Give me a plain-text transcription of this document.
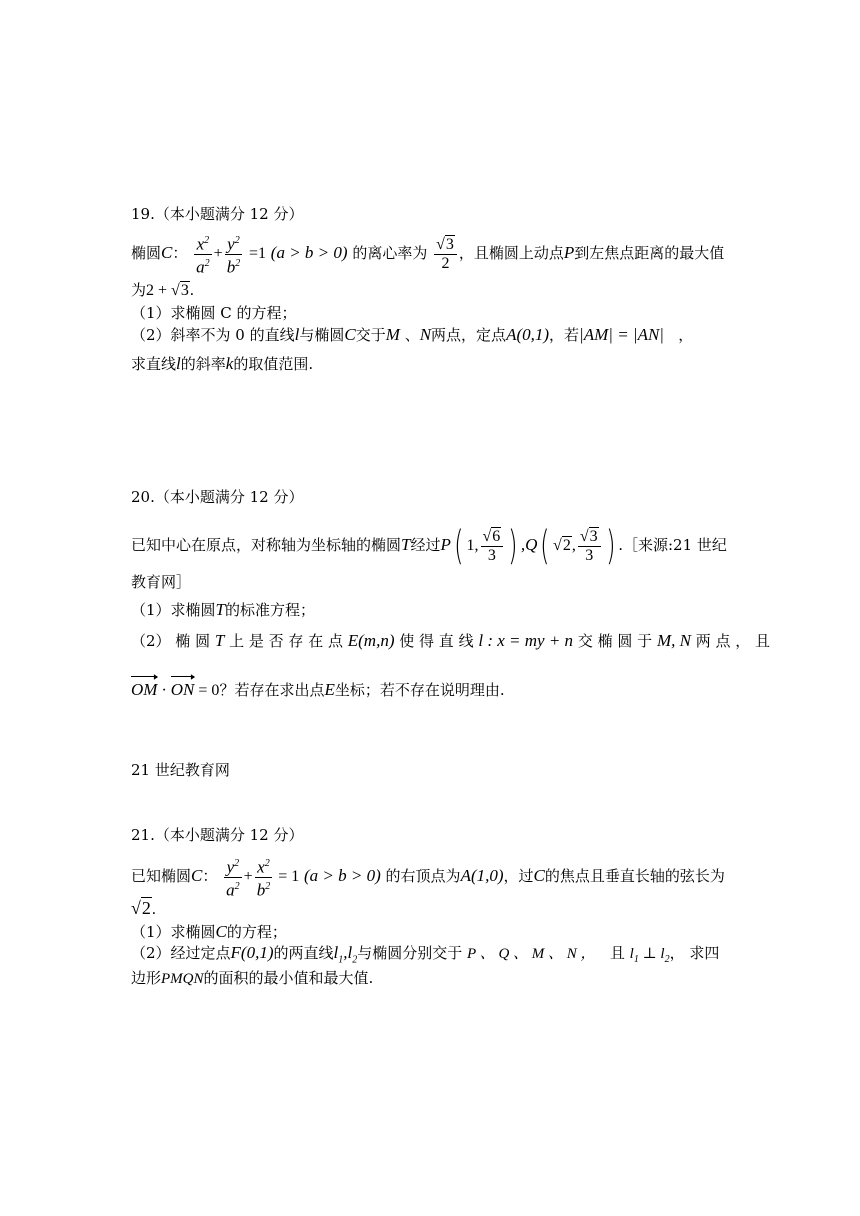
19.（本小题满分 12 分）
椭圆C： $\frac{x^2}{a^2} + \frac{y^2}{b^2} =1$ (a > b > 0) 的离心率为 $\frac{√3}{2}$ ，且椭圆上动点P到左焦点距离的最大值
为2 + √3.
（1）求椭圆 C 的方程；
（2）斜率不为 0 的直线l与椭圆C交于M 、N两点，定点A(0,1)，若|AM| = |AN| ，
求直线l的斜率k的取值范围.
20.（本小题满分 12 分）
已知中心在原点，对称轴为坐标轴的椭圆T经过P( 1, $\frac{√6}{3}$ ) ,Q( √2, $\frac{√3}{3}$ ) .［来源:21 世纪
教育网］
（1）求椭圆T的标准方程；
（2） 椭 圆 T 上 是 否 存 在 点 E(m,n) 使 得 直 线 l : x = my + n 交 椭 圆 于 M, N 两 点 ， 且
OM · ON = 0？若存在求出点E坐标；若不存在说明理由.
21 世纪教育网
21.（本小题满分 12 分）
已知椭圆C： $\frac{y^2}{a^2} + \frac{x^2}{b^2} = 1$ (a > b > 0) 的右顶点为A(1,0)，过C的焦点且垂直长轴的弦长为
√2.
（1）求椭圆C的方程；
（2）经过定点F(0,1)的两直线$l_1,l_2$与椭圆分别交于 P 、 Q 、 M 、 N ， 且 $l_1$ ⊥ $l_2$， 求四
边形PMQN的面积的最小值和最大值.
